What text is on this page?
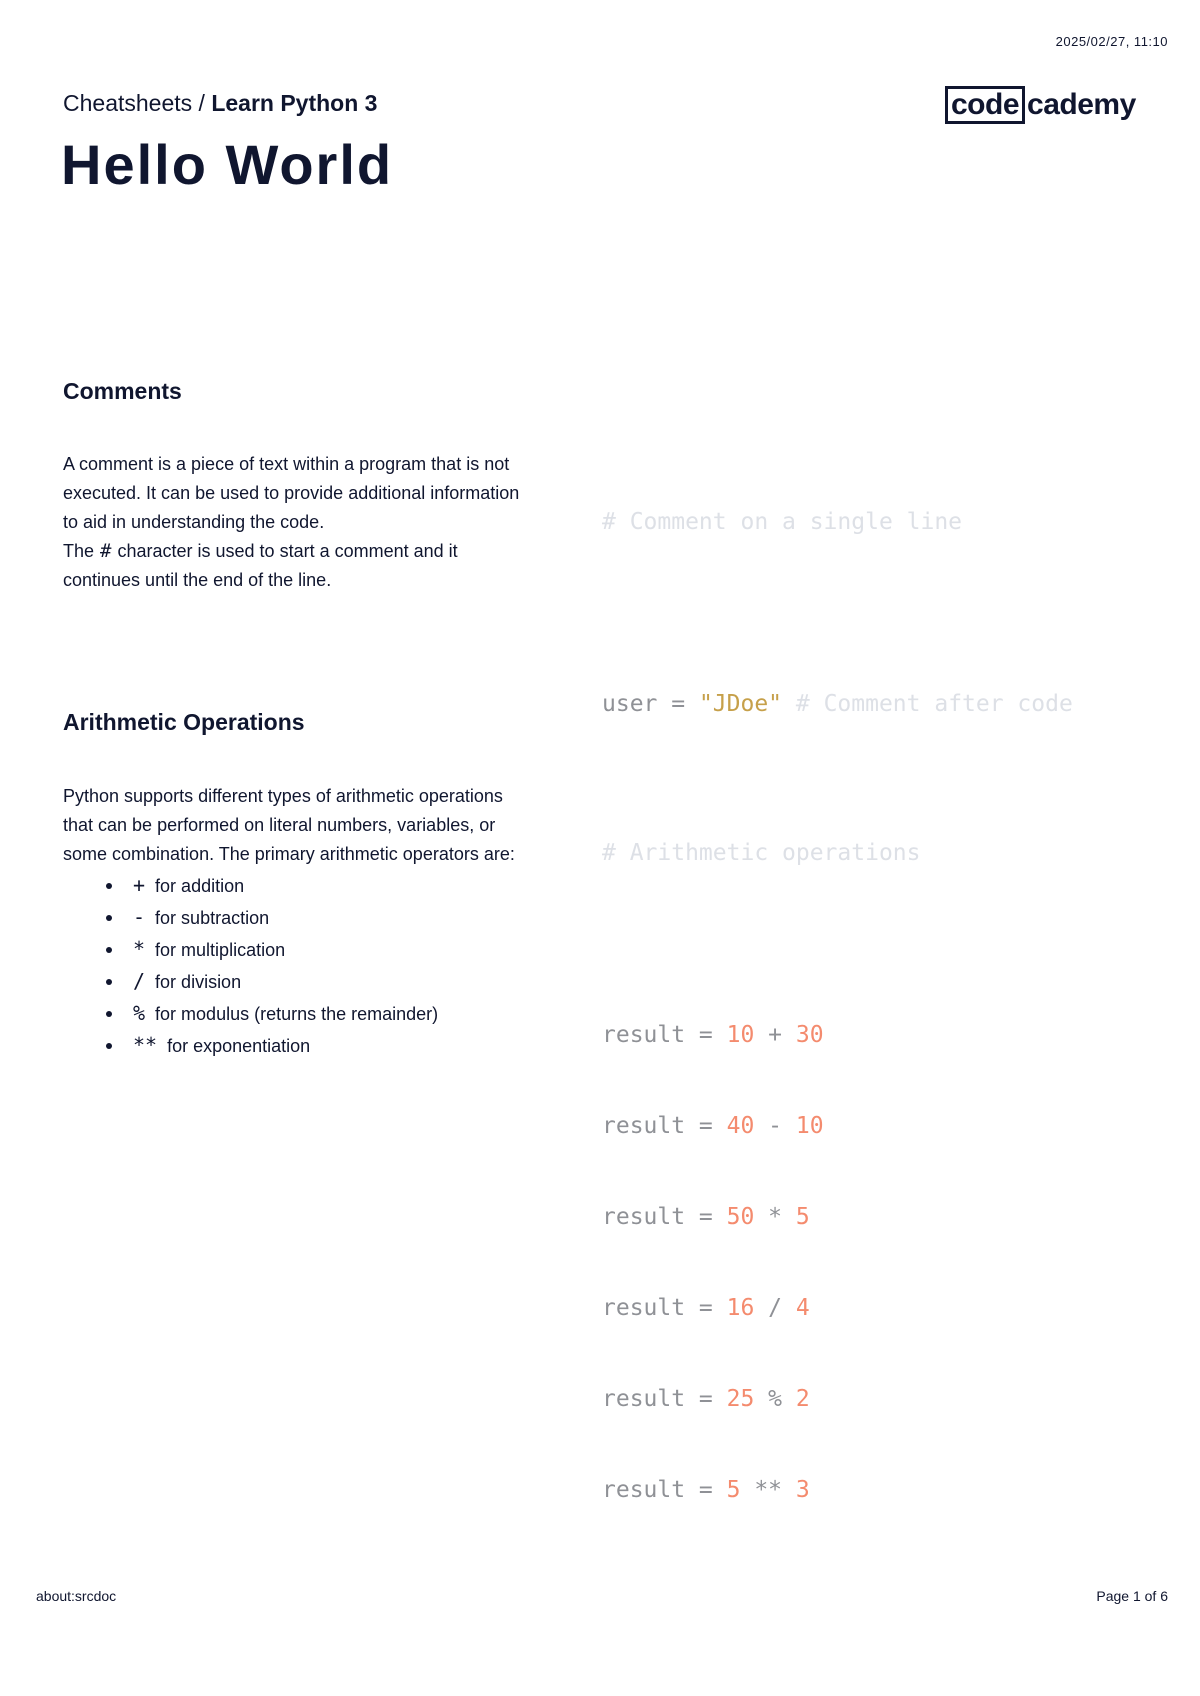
2025/02/27, 11:10
Cheatsheets / Learn Python 3	code cademy
Hello World
Comments

A comment is a piece of text within a program that is not executed. It can be used to provide additional information to aid in understanding the code.

The # character is used to start a comment and it continues until the end of the line.

# Comment on a single line

user = "JDoe" # Comment after code

Arithmetic Operations

Python supports different types of arithmetic operations that can be performed on literal numbers, variables, or some combination. The primary arithmetic operators are:

+ for addition
- for subtraction
* for multiplication
/ for division
% for modulus (returns the remainder)
** for exponentiation

# Arithmetic operations

result = 10 + 30

result = 40 - 10

result = 50 * 5

result = 16 / 4

result = 25 % 2

result = 5 ** 3

about:srcdoc	Page 1 of 6
